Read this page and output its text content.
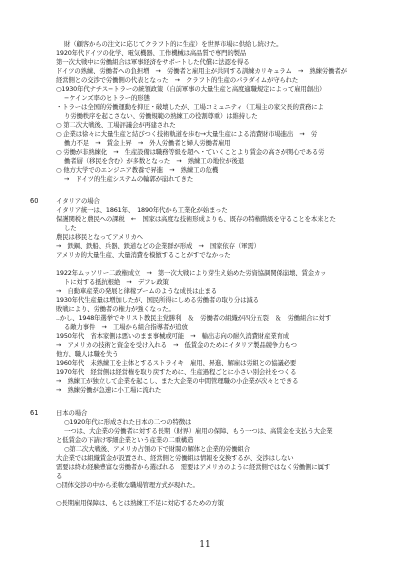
財（顧客からの注文に応じてクラフト的に生産）を世界市場に供給し続けた。
1920年代ドイツの化学、電気機器、工作機械は高品質で専門的製品
第一次大戦中に労働組合は軍事経済をサポートした代償に法認を得る
ドイツの熟練、労働者への負担増　→　労働者と雇用主が共同する訓練カリキュラム　→　熟練労働者が
経営側との交渉で労働側の代表となった　→　クラフト的生産のパラダイムが守られた
○1930年代ナチス−トラーの統領政策（自前軍事の大量生産と高度適職規定によって雇用創出）
−ケインズ率のヒトラー的形態
・トラーは全国的労働運動を抑圧・破壊したが、工場コミュニティ（工場主の家父長的責務によ
り労働秩序を起こさない、労働規範の熟練工の役割尊重）は維持した
○ 第二次大戦後、工場評議会が再建された
○ 企業は徐々に大量生産と結びつく技術軌道を歩む→大量生産による消費財市場進出　→　労
働力不足　→　賃金上昇　→　外人労働者と婦人労働者雇用
○ 労働が非熟練化　→　生産設備は職務等級を超へ・ていくことより賃金の高さが関心である労
働者層（移民を含む）が多数となった　→　熟練工の地位が後退
○ 他方大学でのエンジニア教養で昇進　→　熟練工の危機
→　ドイツ的生産システムの輪郭が崩れてきた
60	イタリアの場合
イタリア統一は、1861年、　1890年代から工業化が始まった
保護関税と農民への課税　←　国家は高度な技術形成よりも、既存の特権階級を守ることを本来とた
した
農民は移民となってアメリカへ
→　鉄鋼、鉄船、兵器、鉄道などの企業群が形成　→　国家依存（軍需）
アメリカ的大量生産、大量消費を模倣することがすでなかった
1922年ムッソリー二政権成立　→　第一次大戦により芽生え始めた労資協調関係崩壊、賃金カッ
トに対する抵抗根絶　→　デフレ政策
→　自動車産業の発展と律稼ブームのような成長は止まる
1930年代生産量は増加したが、国民所得にしめる労働者の取り分は減る
敗戦により、労働者の権力が強くなった。
..かし、1948年選挙でキリスト教民主党勝利　＆　労働者の組織が四分五裂　＆　労働組合に対す
る敵力事件　→　工場から組合指導者が追放
1950年代　省本家側は悪いのまま事械或可能　→　輸出志向の耐久消費財産業育成
→　アメリカの技術と資金を受け入れる　→　低賃金のためにイタリア製品競争力もつ
他方、職人は職を失う
1960年代　未熟練工を主体とするストライキ　雇用、昇進、解雇は労組との協議必要
1970年代　経営側は経営権を取り戻すために、生産過程ごとに小さい別会社をつくる
→　熟練工が独立して企業を起こし、また大企業の中間管理職の小企業が次々とできる
→　熟練労働が急速に小工場に流れた
61	日本の場合
○1920年代に形成された日本の二つの特徴は
一つは、大企業の労働者に対する長期（財界）雇用の保障、もう一つは、高賃金を支払う大企業
と低賃金の下請け零細企業という産業の二重構造
○第二次大戦後、アメリカ占領の下で財閥の解体と企業的労働組合
大企業では組織賃金が設置され、経営側と労働組は情報を交換するが、交渉はしない
需要は終わ経験豊富な労働者から選ばれる　需要はアメリカのように経営側ではなく労働側に属す
る
○団体交渉の中から柔軟な職場管理方式が現れた。
○長期雇用保障は、もとは熟練工不足に対応するための方策
11
